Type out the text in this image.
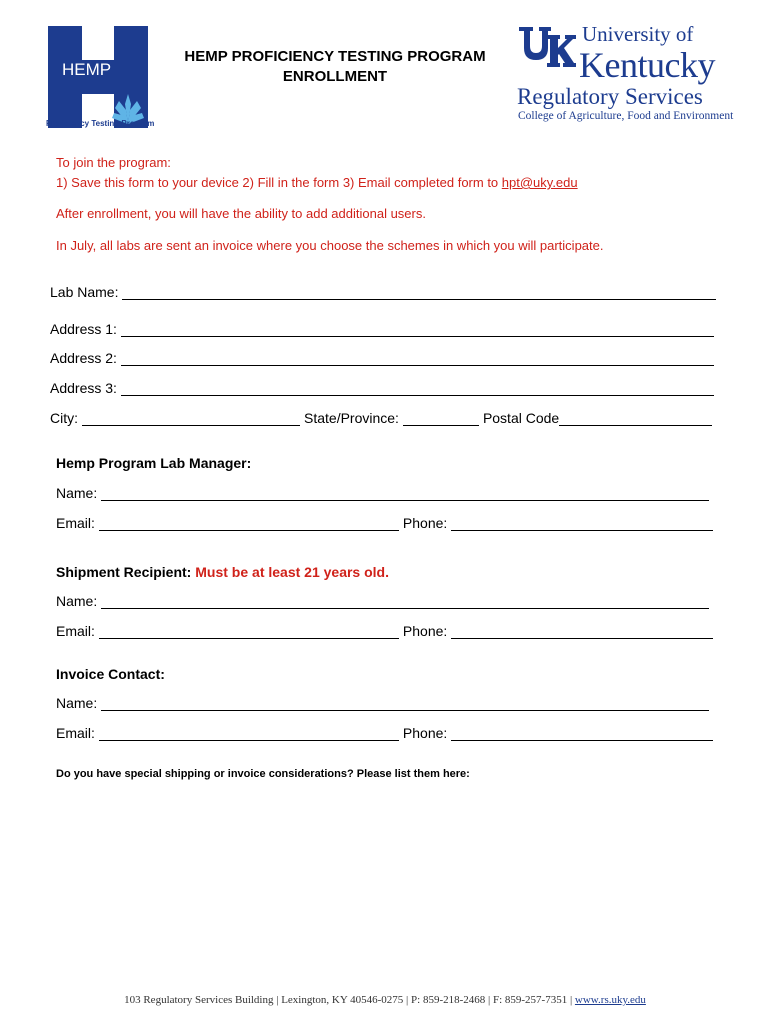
HEMP
Proficiency Testing Program
HEMP PROFICIENCY TESTING PROGRAM
ENROLLMENT
University of
Kentucky
Regulatory Services
College of Agriculture, Food and Environment
To join the program:
1) Save this form to your device 2) Fill in the form 3) Email completed form to hpt@uky.edu
After enrollment, you will have the ability to add additional users.
In July, all labs are sent an invoice where you choose the schemes in which you will participate.
Lab Name:
Address 1:
Address 2:
Address 3:
City:	State/Province:	Postal Code
Hemp Program Lab Manager:
Name:
Email:	Phone:
Shipment Recipient: Must be at least 21 years old.
Name:
Email:	Phone:
Invoice Contact:
Name:
Email:	Phone:
Do you have special shipping or invoice considerations? Please list them here:
103 Regulatory Services Building | Lexington, KY 40546-0275 | P: 859-218-2468 | F: 859-257-7351 | www.rs.uky.edu
